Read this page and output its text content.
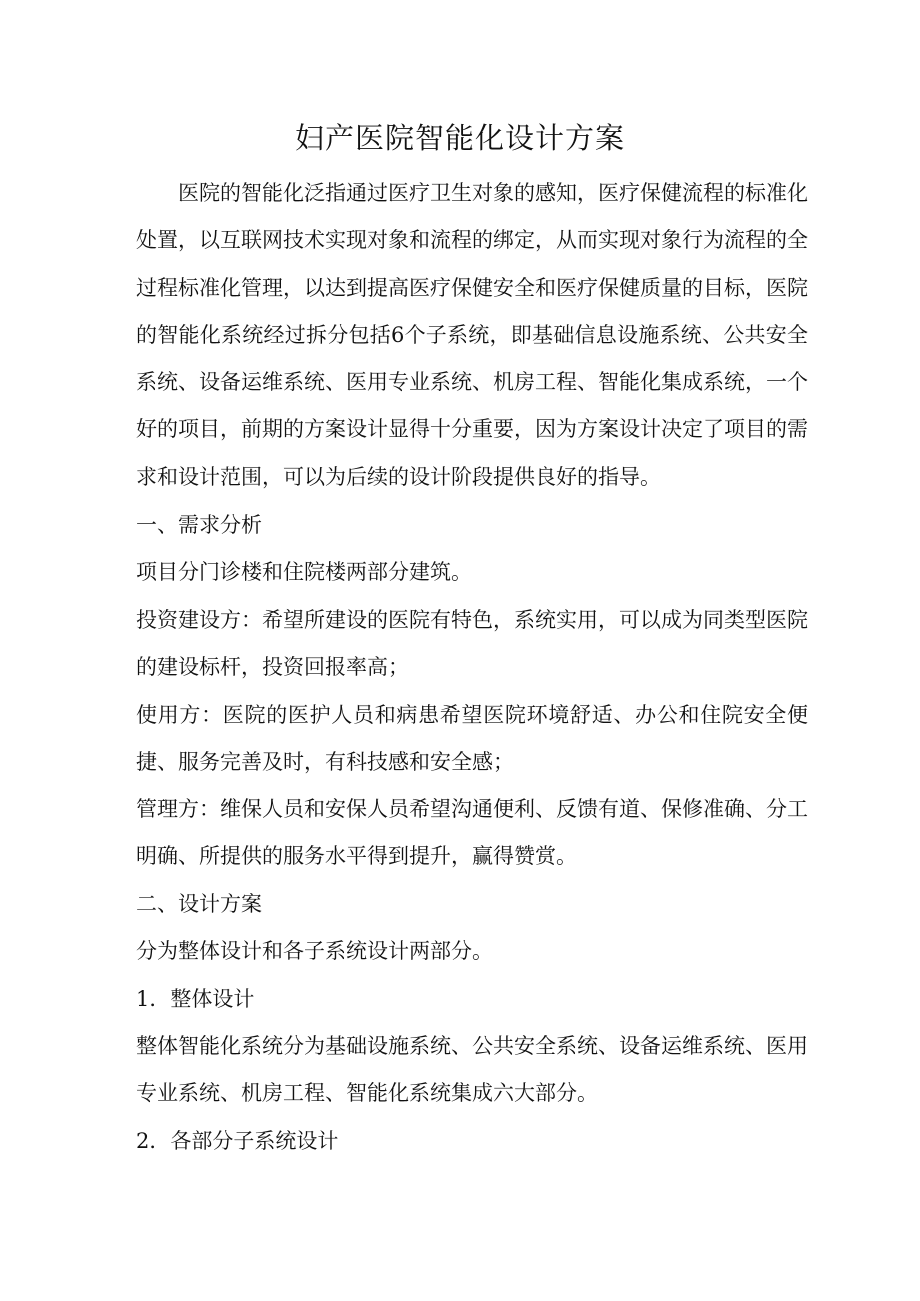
妇产医院智能化设计方案

医院的智能化泛指通过医疗卫生对象的感知，医疗保健流程的标准化处置，以互联网技术实现对象和流程的绑定，从而实现对象行为流程的全过程标准化管理，以达到提高医疗保健安全和医疗保健质量的目标，医院的智能化系统经过拆分包括6个子系统，即基础信息设施系统、公共安全系统、设备运维系统、医用专业系统、机房工程、智能化集成系统，一个好的项目，前期的方案设计显得十分重要，因为方案设计决定了项目的需求和设计范围，可以为后续的设计阶段提供良好的指导。

一、需求分析

项目分门诊楼和住院楼两部分建筑。

投资建设方：希望所建设的医院有特色，系统实用，可以成为同类型医院的建设标杆，投资回报率高；

使用方：医院的医护人员和病患希望医院环境舒适、办公和住院安全便捷、服务完善及时，有科技感和安全感；

管理方：维保人员和安保人员希望沟通便利、反馈有道、保修准确、分工明确、所提供的服务水平得到提升，赢得赞赏。

二、设计方案

分为整体设计和各子系统设计两部分。

1．整体设计

整体智能化系统分为基础设施系统、公共安全系统、设备运维系统、医用专业系统、机房工程、智能化系统集成六大部分。

2．各部分子系统设计
